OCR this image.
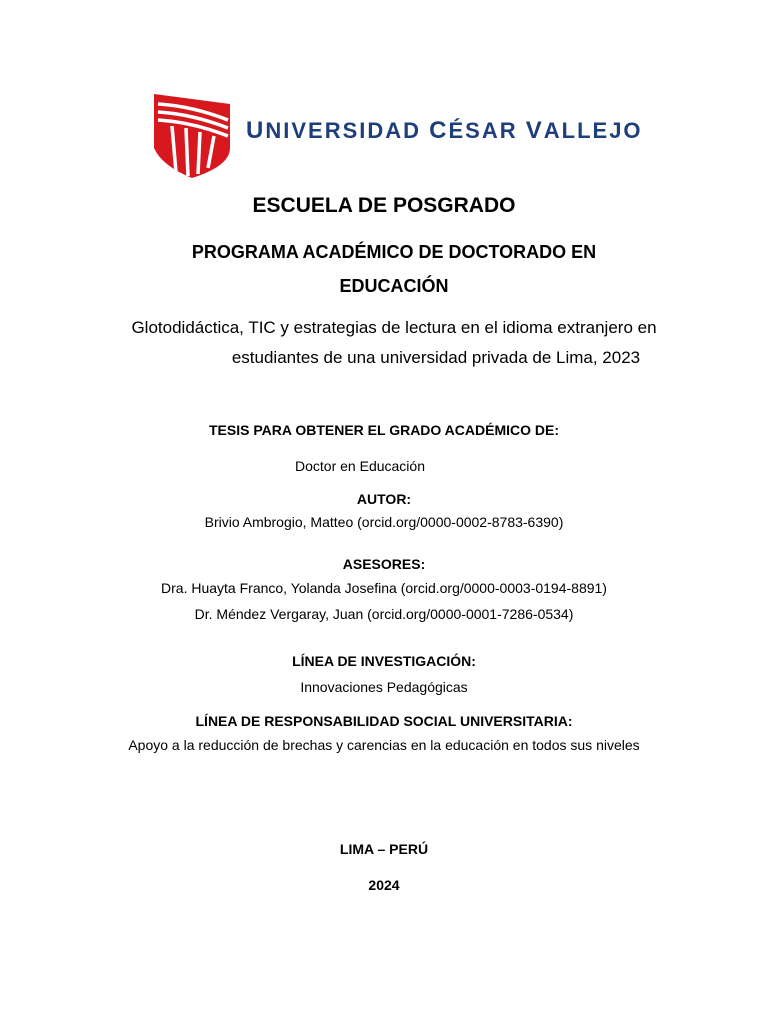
UNIVERSIDAD CÉSAR VALLEJO
ESCUELA DE POSGRADO
PROGRAMA ACADÉMICO DE DOCTORADO EN
EDUCACIÓN
Glotodidáctica, TIC y estrategias de lectura en el idioma extranjero en
estudiantes de una universidad privada de Lima, 2023
TESIS PARA OBTENER EL GRADO ACADÉMICO DE:
Doctor en Educación
AUTOR:
Brivio Ambrogio, Matteo (orcid.org/0000-0002-8783-6390)
ASESORES:
Dra. Huayta Franco, Yolanda Josefina (orcid.org/0000-0003-0194-8891)
Dr. Méndez Vergaray, Juan (orcid.org/0000-0001-7286-0534)
LÍNEA DE INVESTIGACIÓN:
Innovaciones Pedagógicas
LÍNEA DE RESPONSABILIDAD SOCIAL UNIVERSITARIA:
Apoyo a la reducción de brechas y carencias en la educación en todos sus niveles
LIMA – PERÚ
2024
